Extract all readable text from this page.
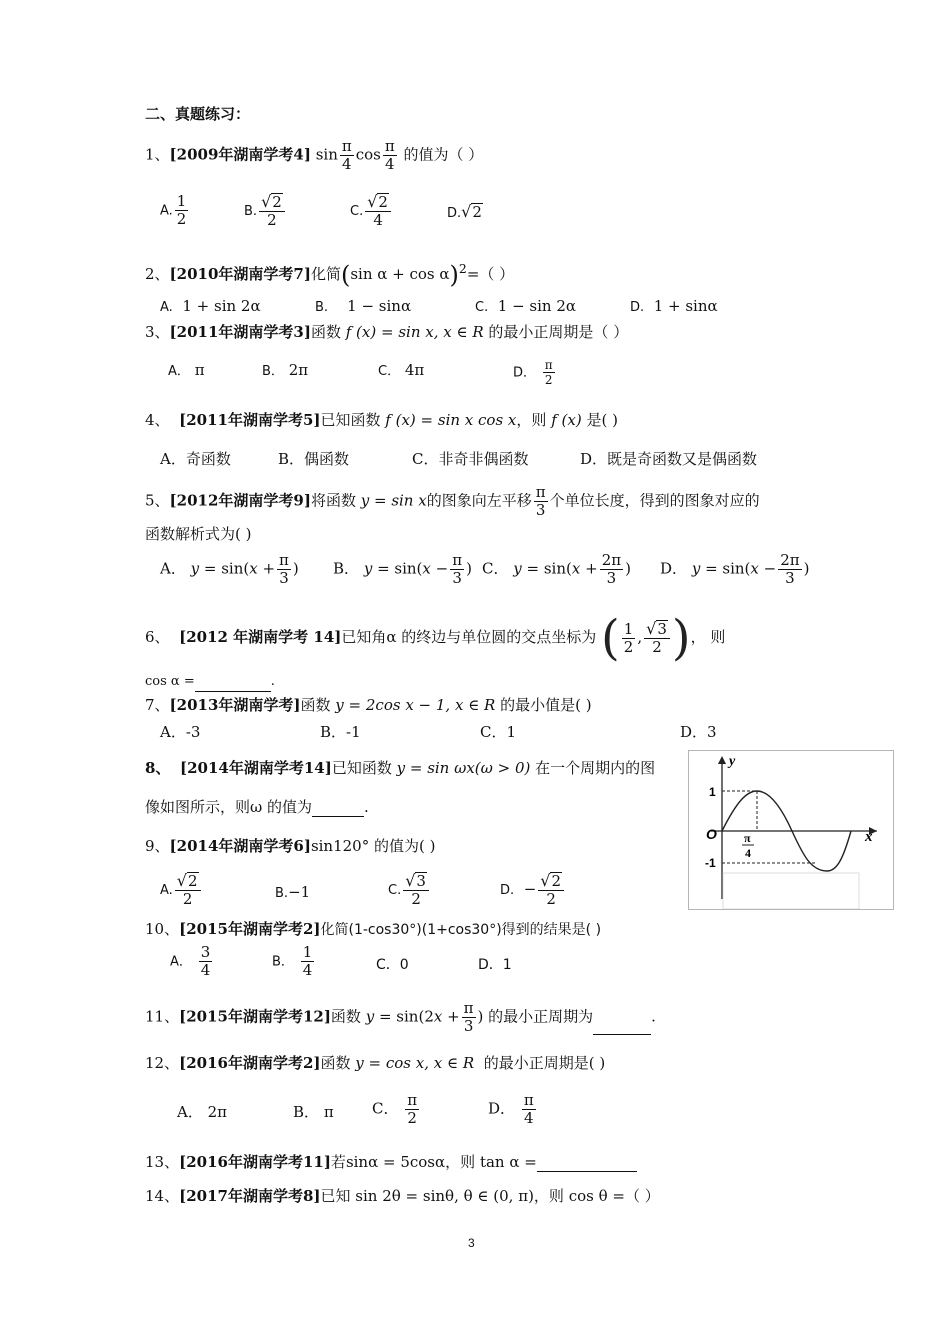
二、真题练习：
1、[2009年湖南学考4] $\sin \frac{\pi}{4}$ $\cos \frac{\pi}{4}$ 的值为（ ）
A. $\frac{1}{2}$	B. $\frac{√ 2}{2}$	C. $\frac{√ 2}{4}$	D. √ 2
2、[2010年湖南学考7]化简(sin α + cos α)$^2$=（ ）
A. 1 + sin 2α	B. 1 − sinα	C. 1 − sin 2α	D. 1 + sinα
3、[2011年湖南学考3]函数 f (x) = sin x, x ∈ R 的最小正周期是（ ）
A． π	B． 2π	C． 4π	D． $\frac{\pi}{2}$
4、 [2011年湖南学考5]已知函数 f (x) = sin x cos x，则 f (x) 是( )
A．奇函数	B．偶函数	C．非奇非偶函数	D．既是奇函数又是偶函数
5、[2012年湖南学考9]将函数 y = sin x的图象向左平移 $\frac{\pi}{3}$ 个单位长度，得到的图象对应的
函数解析式为( )
A． $y = \sin(x + \frac{\pi}{3}$ ) B． $y = \sin(x - \frac{\pi}{3}$ ) C． $y = \sin(x + \frac{2\pi}{3}$ ) D． $y = \sin(x - \frac{2\pi}{3}$ )
6、 [2012 年湖南学考 14]已知角α 的终边与单位圆的交点坐标为 ( $\frac{1}{2}$ , $\frac{√ 3}{2}$ )， 则
cos α =	.
7、[2013年湖南学考]函数 y = 2cos x − 1, x ∈ R 的最小值是( )
A．-3	B．-1	C．1	D．3
8、 [2014年湖南学考14]已知函数 y = sin ωx(ω > 0) 在一个周期内的图
像如图所示，则ω 的值为	.
y
x
O
1
-1
π
4
9、[2014年湖南学考6]sin120° 的值为( )
A. $\frac{√ 2}{2}$	B.−1	C. $\frac{√ 3}{2}$	D.  − $\frac{√ 2}{2}$
10、[2015年湖南学考2]化简(1-cos30°)(1+cos30°)得到的结果是( )
A． $\frac{3}{4}$	B． $\frac{1}{4}$	C．0	D．1
11、[2015年湖南学考12]函数 $y = \sin(2x + \frac{\pi}{3}$ ) 的最小正周期为	.
12、[2016年湖南学考2]函数 y = cos x, x ∈ R 的最小正周期是( )
A． 2π	B． π	C． $\frac{\pi}{2}$	D． $\frac{\pi}{4}$
13、[2016年湖南学考11]若sinα = 5cosα，则 tan α =
14、[2017年湖南学考8]已知 sin 2θ = sinθ, θ ∈ (0, π)，则 cos θ =（ ）
3
